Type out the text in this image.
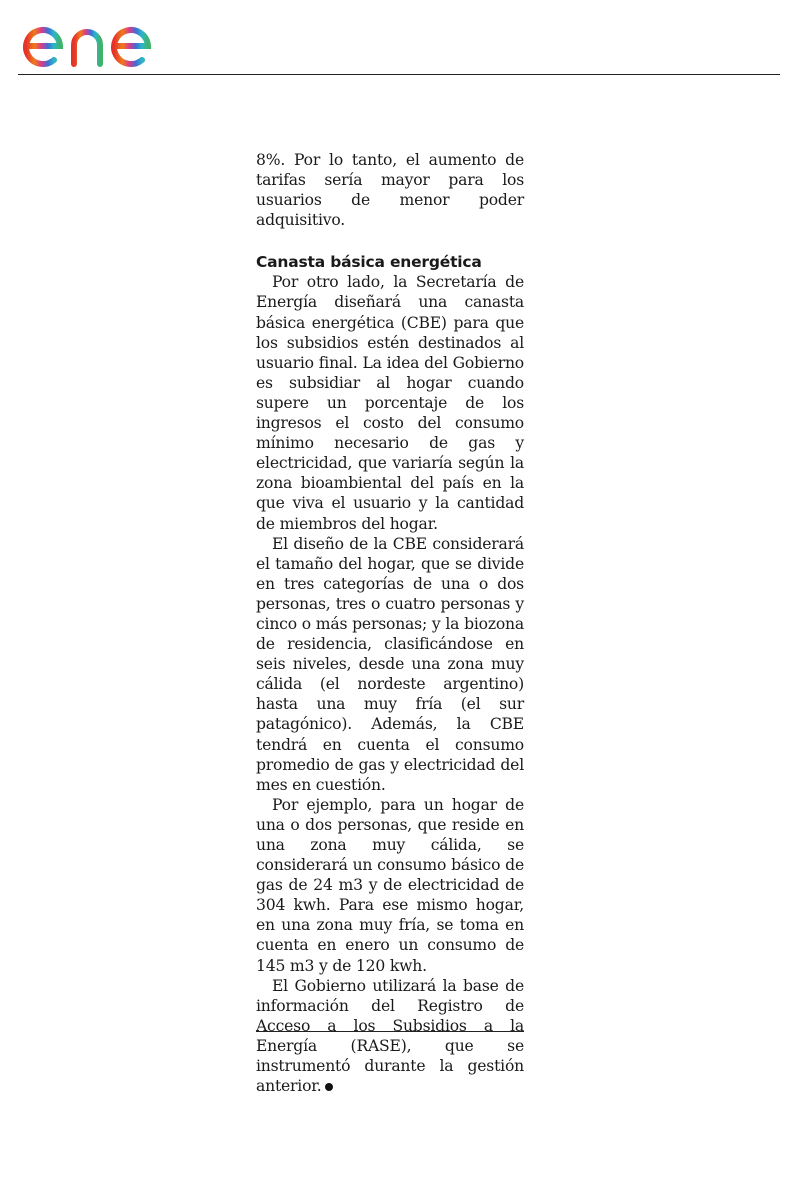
8%. Por lo tanto, el aumento de tarifas sería mayor para los usuarios de menor poder adquisitivo.

Canasta básica energética

Por otro lado, la Secretaría de Energía diseñará una canasta básica energética (CBE) para que los subsidios estén destinados al usuario final. La idea del Gobierno es subsidiar al hogar cuando supere un porcentaje de los ingresos el costo del consumo mínimo necesario de gas y electricidad, que variaría según la zona bioambiental del país en la que viva el usuario y la cantidad de miembros del hogar.

El diseño de la CBE considerará el tamaño del hogar, que se divide en tres categorías de una o dos personas, tres o cuatro personas y cinco o más personas; y la biozona de residencia, clasificándose en seis niveles, desde una zona muy cálida (el nordeste argentino) hasta una muy fría (el sur patagónico). Además, la CBE tendrá en cuenta el consumo promedio de gas y electricidad del mes en cuestión.

Por ejemplo, para un hogar de una o dos personas, que reside en una zona muy cálida, se considerará un consumo básico de gas de 24 m3 y de electricidad de 304 kwh. Para ese mismo hogar, en una zona muy fría, se toma en cuenta en enero un consumo de 145 m3 y de 120 kwh.

El Gobierno utilizará la base de información del Registro de Acceso a los Subsidios a la Energía (RASE), que se instrumentó durante la gestión anterior.
